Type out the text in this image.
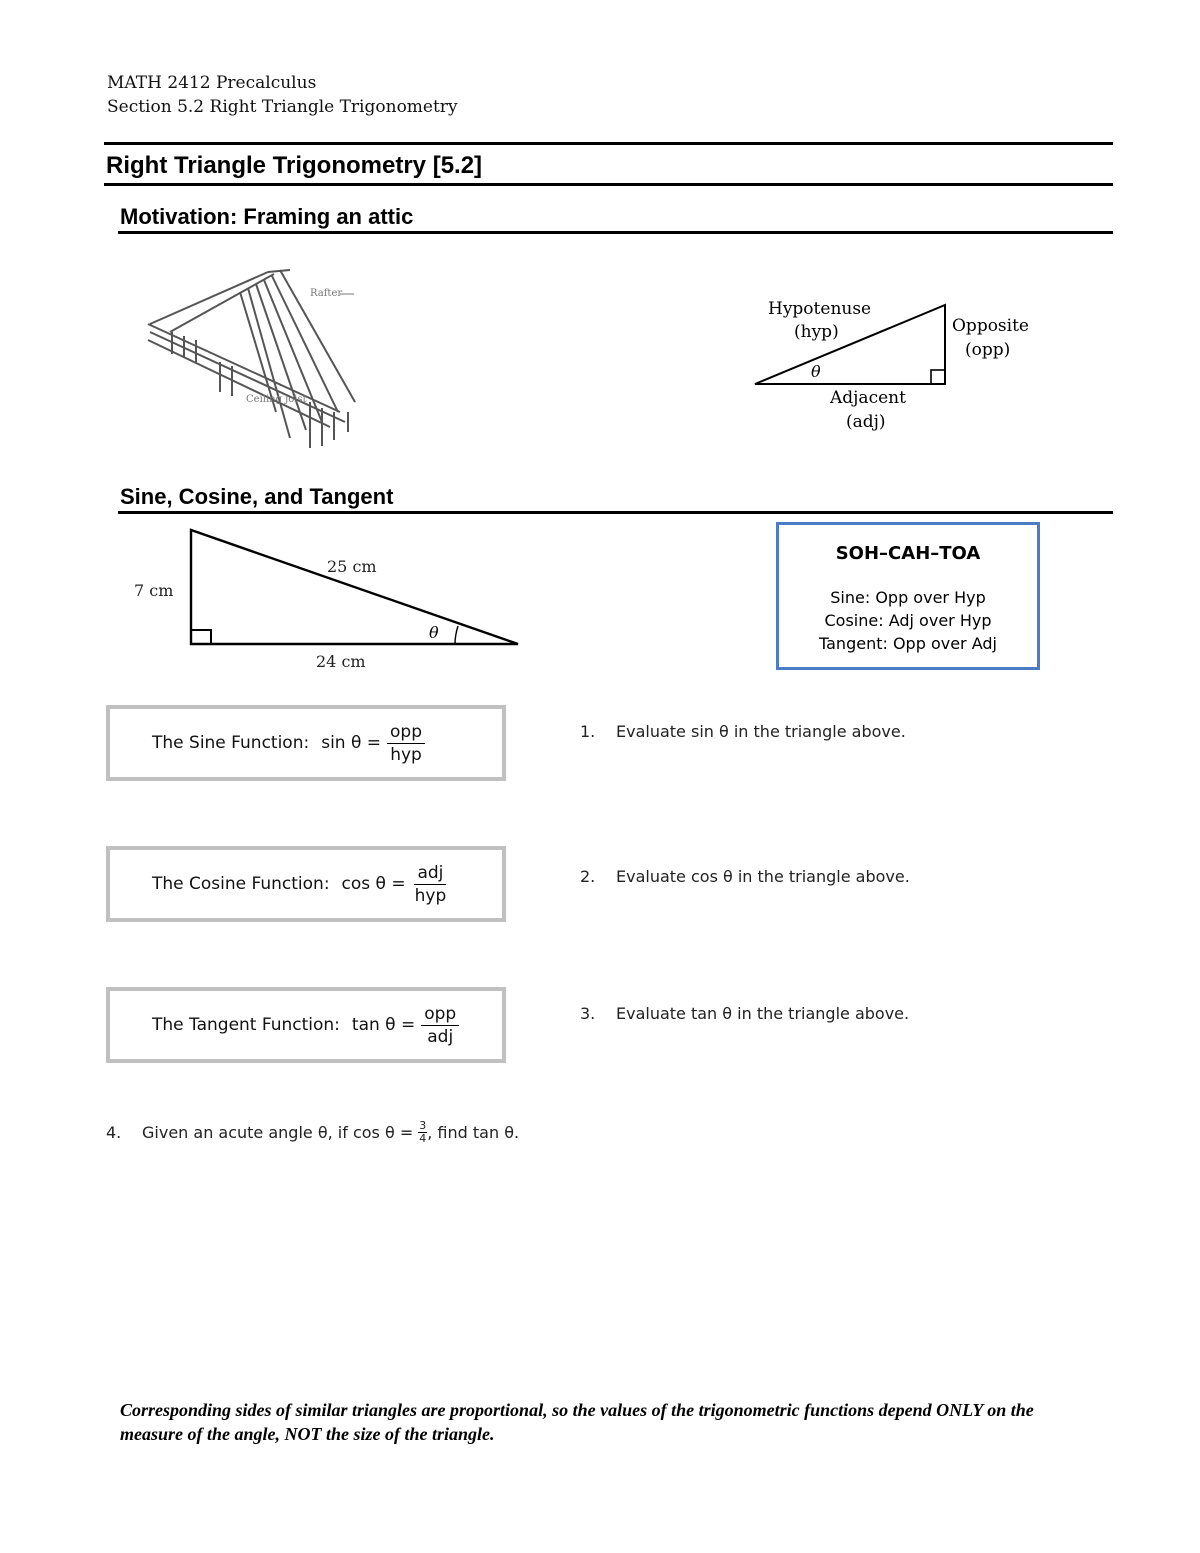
MATH 2412 Precalculus
Section 5.2 Right Triangle Trigonometry
Right Triangle Trigonometry [5.2]
Motivation: Framing an attic
Rafter
Ceiling joist
Hypotenuse
(hyp)	Opposite
(opp)
Adjacent
(adj)
θ
Sine, Cosine, and Tangent
7 cm
25 cm
24 cm
θ
SOH–CAH–TOA
Sine: Opp over Hyp
Cosine: Adj over Hyp
Tangent: Opp over Adj
The Sine Function: $\sin \theta = \frac{\text{opp}}{\text{hyp}}$
The Cosine Function: $\cos \theta = \frac{\text{adj}}{\text{hyp}}$
The Tangent Function: $\tan \theta = \frac{\text{opp}}{\text{adj}}$
1. Evaluate sin θ in the triangle above.
2. Evaluate cos θ in the triangle above.
3. Evaluate tan θ in the triangle above.
4.	Given an acute angle θ, if $\cos \theta = \frac{3}{4}$ , find tan θ.
Corresponding sides of similar triangles are proportional, so the values of the trigonometric functions depend ONLY on the measure of the angle, NOT the size of the triangle.
